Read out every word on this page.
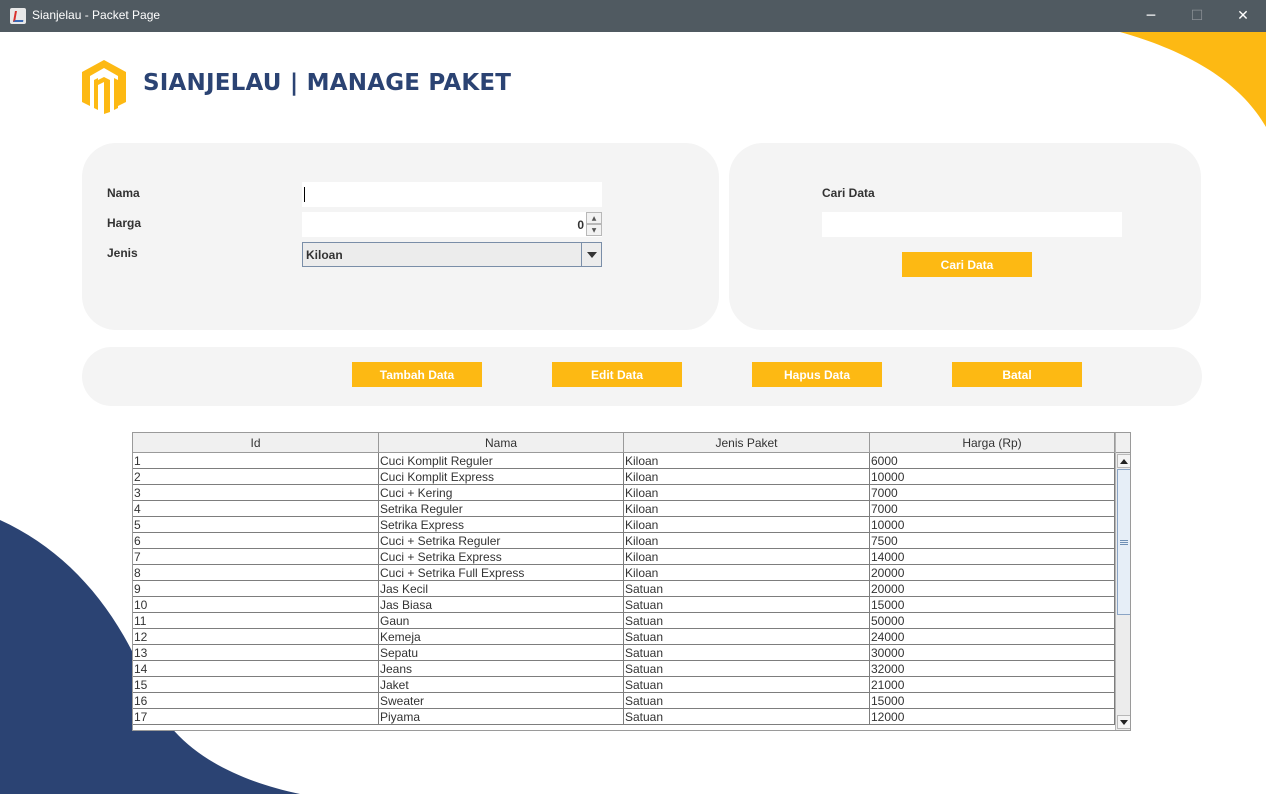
Sianjelau - Packet Page	─	☐	✕
SIANJELAU | MANAGE PAKET
Nama
Harga	0	▲
▼
Jenis	Kiloan
Cari Data
Cari Data
Tambah Data	Edit Data	Hapus Data	Batal
Id	Nama	Jenis Paket	Harga (Rp)
1	Cuci Komplit Reguler	Kiloan	6000
2	Cuci Komplit Express	Kiloan	10000
3	Cuci + Kering	Kiloan	7000
4	Setrika Reguler	Kiloan	7000
5	Setrika Express	Kiloan	10000
6	Cuci + Setrika Reguler	Kiloan	7500
7	Cuci + Setrika Express	Kiloan	14000
8	Cuci + Setrika Full Express	Kiloan	20000
9	Jas Kecil	Satuan	20000
10	Jas Biasa	Satuan	15000
11	Gaun	Satuan	50000
12	Kemeja	Satuan	24000
13	Sepatu	Satuan	30000
14	Jeans	Satuan	32000
15	Jaket	Satuan	21000
16	Sweater	Satuan	15000
17	Piyama	Satuan	12000
